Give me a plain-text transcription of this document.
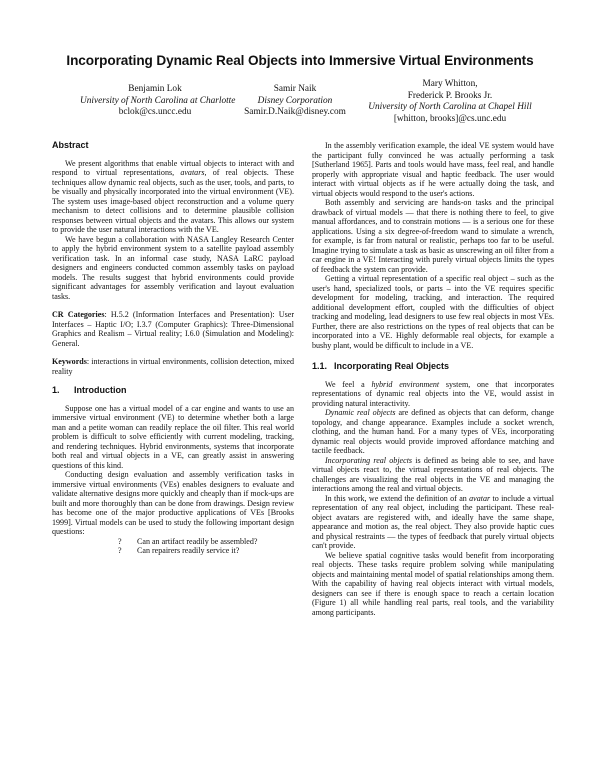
Incorporating Dynamic Real Objects into Immersive Virtual Environments
Benjamin Lok
University of North Carolina at Charlotte
bclok@cs.uncc.edu
Samir Naik
Disney Corporation
Samir.D.Naik@disney.com
Mary Whitton,
Frederick P. Brooks Jr.
University of North Carolina at Chapel Hill
[whitton, brooks]@cs.unc.edu
Abstract

We present algorithms that enable virtual objects to interact with and respond to virtual representations, avatars, of real objects. These techniques allow dynamic real objects, such as the user, tools, and parts, to be visually and physically incorporated into the virtual environment (VE). The system uses image-based object reconstruction and a volume query mechanism to detect collisions and to determine plausible collision responses between virtual objects and the avatars. This allows our system to provide the user natural interactions with the VE.

We have begun a collaboration with NASA Langley Research Center to apply the hybrid environment system to a satellite payload assembly verification task. In an informal case study, NASA LaRC payload designers and engineers conducted common assembly tasks on payload models. The results suggest that hybrid environments could provide significant advantages for assembly verification and layout evaluation tasks.

CR Categories: H.5.2 (Information Interfaces and Presentation): User Interfaces – Haptic I/O; I.3.7 (Computer Graphics): Three-Dimensional Graphics and Realism – Virtual reality; I.6.0 (Simulation and Modeling): General.

Keywords: interactions in virtual environments, collision detection, mixed reality

1. Introduction

Suppose one has a virtual model of a car engine and wants to use an immersive virtual environment (VE) to determine whether both a large man and a petite woman can readily replace the oil filter. This real world problem is difficult to solve efficiently with current modeling, tracking, and rendering techniques. Hybrid environments, systems that incorporate both real and virtual objects in a VE, can greatly assist in answering questions of this kind.

Conducting design evaluation and assembly verification tasks in immersive virtual environments (VEs) enables designers to evaluate and validate alternative designs more quickly and cheaply than if mock-ups are built and more thoroughly than can be done from drawings. Design review has become one of the major productive applications of VEs [Brooks 1999]. Virtual models can be used to study the following important design questions:

? Can an artifact readily be assembled?
? Can repairers readily service it?

In the assembly verification example, the ideal VE system would have the participant fully convinced he was actually performing a task [Sutherland 1965]. Parts and tools would have mass, feel real, and handle properly with appropriate visual and haptic feedback. The user would interact with virtual objects as if he were actually doing the task, and virtual objects would respond to the user's actions.

Both assembly and servicing are hands-on tasks and the principal drawback of virtual models — that there is nothing there to feel, to give manual affordances, and to constrain motions — is a serious one for these applications. Using a six degree-of-freedom wand to simulate a wrench, for example, is far from natural or realistic, perhaps too far to be useful. Imagine trying to simulate a task as basic as unscrewing an oil filter from a car engine in a VE! Interacting with purely virtual objects limits the types of feedback the system can provide.

Getting a virtual representation of a specific real object – such as the user's hand, specialized tools, or parts – into the VE requires specific development for modeling, tracking, and interaction. The required additional development effort, coupled with the difficulties of object tracking and modeling, lead designers to use few real objects in most VEs. Further, there are also restrictions on the types of real objects that can be incorporated into a VE. Highly deformable real objects, for example a bushy plant, would be difficult to include in a VE.

1.1. Incorporating Real Objects

We feel a hybrid environment system, one that incorporates representations of dynamic real objects into the VE, would assist in providing natural interactivity.

Dynamic real objects are defined as objects that can deform, change topology, and change appearance. Examples include a socket wrench, clothing, and the human hand. For a many types of VEs, incorporating dynamic real objects would provide improved affordance matching and tactile feedback.

Incorporating real objects is defined as being able to see, and have virtual objects react to, the virtual representations of real objects. The challenges are visualizing the real objects in the VE and managing the interactions among the real and virtual objects.

In this work, we extend the definition of an avatar to include a virtual representation of any real object, including the participant. These real-object avatars are registered with, and ideally have the same shape, appearance and motion as, the real object. They also provide haptic cues and physical restraints — the types of feedback that purely virtual objects can't provide.

We believe spatial cognitive tasks would benefit from incorporating real objects. These tasks require problem solving while manipulating objects and maintaining mental model of spatial relationships among them. With the capability of having real objects interact with virtual models, designers can see if there is enough space to reach a certain location (Figure 1) all while handling real parts, real tools, and the variability among participants.
